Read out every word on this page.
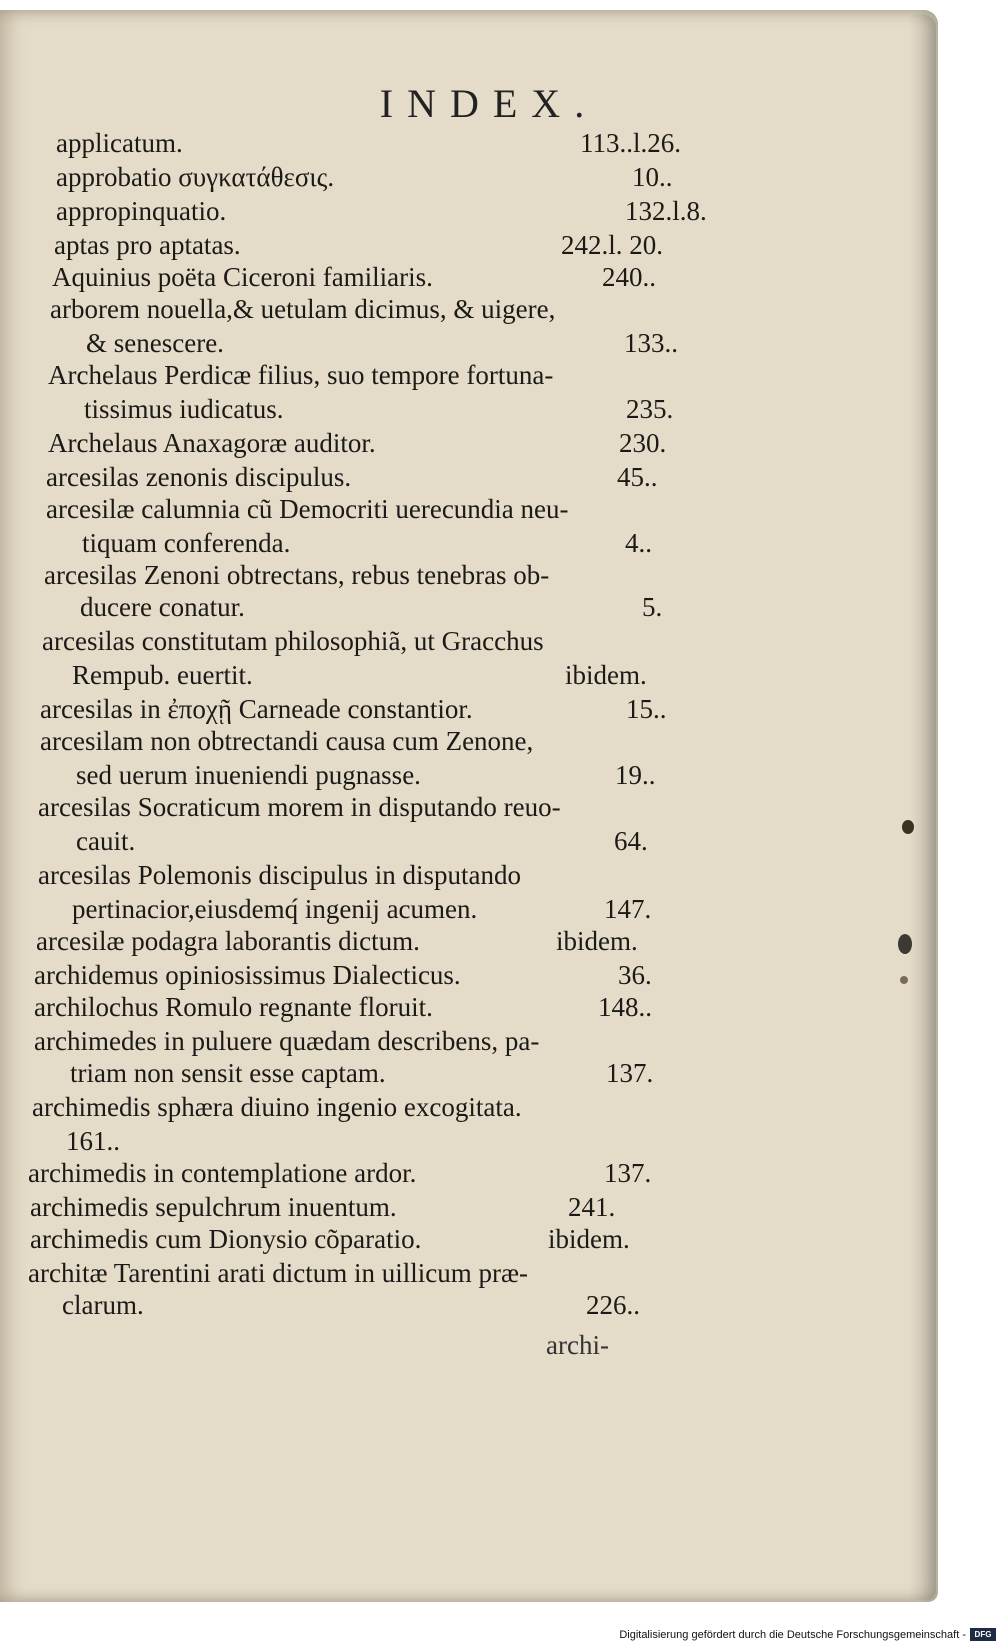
INDEX.
applicatum.	113..l.26.
approbatio συγκατάθεσις.	10..
appropinquatio.	132.l.8.
aptas pro aptatas.	242.l. 20.
Aquinius poëta Ciceroni familiaris.	240..
arborem nouella,& uetulam dicimus, & uigere,
& senescere.	133..
Archelaus Perdicæ filius, suo tempore fortuna-
tissimus iudicatus.	235.
Archelaus Anaxagoræ auditor.	230.
arcesilas zenonis discipulus.	45..
arcesilæ calumnia cũ Democriti uerecundia neu-
tiquam conferenda.	4..
arcesilas Zenoni obtrectans, rebus tenebras ob-
ducere conatur.	5.
arcesilas constitutam philosophiã, ut Gracchus
Rempub. euertit.	ibidem.
arcesilas in ἐποχῇ Carneade constantior.	15..
arcesilam non obtrectandi causa cum Zenone,
sed uerum inueniendi pugnasse.	19..
arcesilas Socraticum morem in disputando reuo-
cauit.	64.
arcesilas Polemonis discipulus in disputando
pertinacior,eiusdemq́ ingenij acumen.	147.
arcesilæ podagra laborantis dictum.	ibidem.
archidemus opiniosissimus Dialecticus.	36.
archilochus Romulo regnante floruit.	148..
archimedes in puluere quædam describens, pa-
triam non sensit esse captam.	137.
archimedis sphæra diuino ingenio excogitata.
161..
archimedis in contemplatione ardor.	137.
archimedis sepulchrum inuentum.	241.
archimedis cum Dionysio cõparatio.	ibidem.
architæ Tarentini arati dictum in uillicum præ-
clarum.	226..
archi-
Digitalisierung gefördert durch die Deutsche Forschungsgemeinschaft -	DFG
